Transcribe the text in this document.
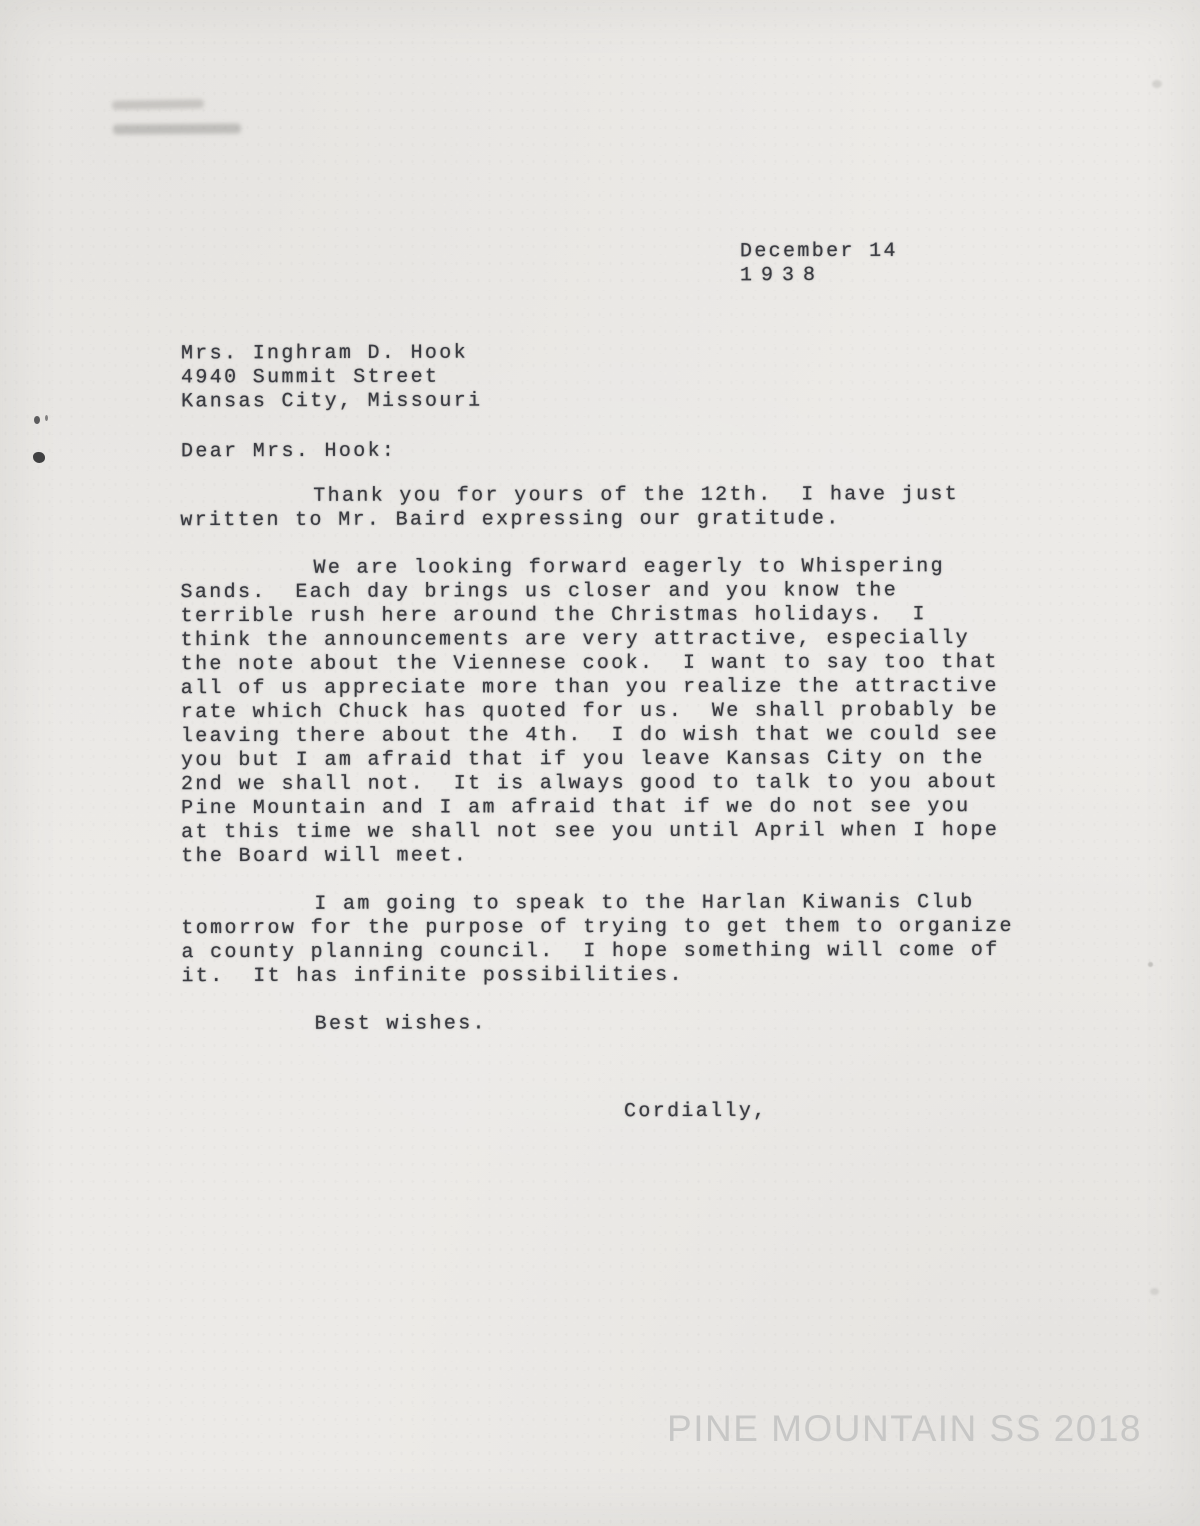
December 14
1938
Mrs. Inghram D. Hook
4940 Summit Street
Kansas City, Missouri
Dear Mrs. Hook:
Thank you for yours of the 12th.  I have just
written to Mr. Baird expressing our gratitude.
We are looking forward eagerly to Whispering
Sands.  Each day brings us closer and you know the
terrible rush here around the Christmas holidays.  I
think the announcements are very attractive, especially
the note about the Viennese cook.  I want to say too that
all of us appreciate more than you realize the attractive
rate which Chuck has quoted for us.  We shall probably be
leaving there about the 4th.  I do wish that we could see
you but I am afraid that if you leave Kansas City on the
2nd we shall not.  It is always good to talk to you about
Pine Mountain and I am afraid that if we do not see you
at this time we shall not see you until April when I hope
the Board will meet.
I am going to speak to the Harlan Kiwanis Club
tomorrow for the purpose of trying to get them to organize
a county planning council.  I hope something will come of
it.  It has infinite possibilities.
Best wishes.
Cordially,
PINE MOUNTAIN SS 2018
